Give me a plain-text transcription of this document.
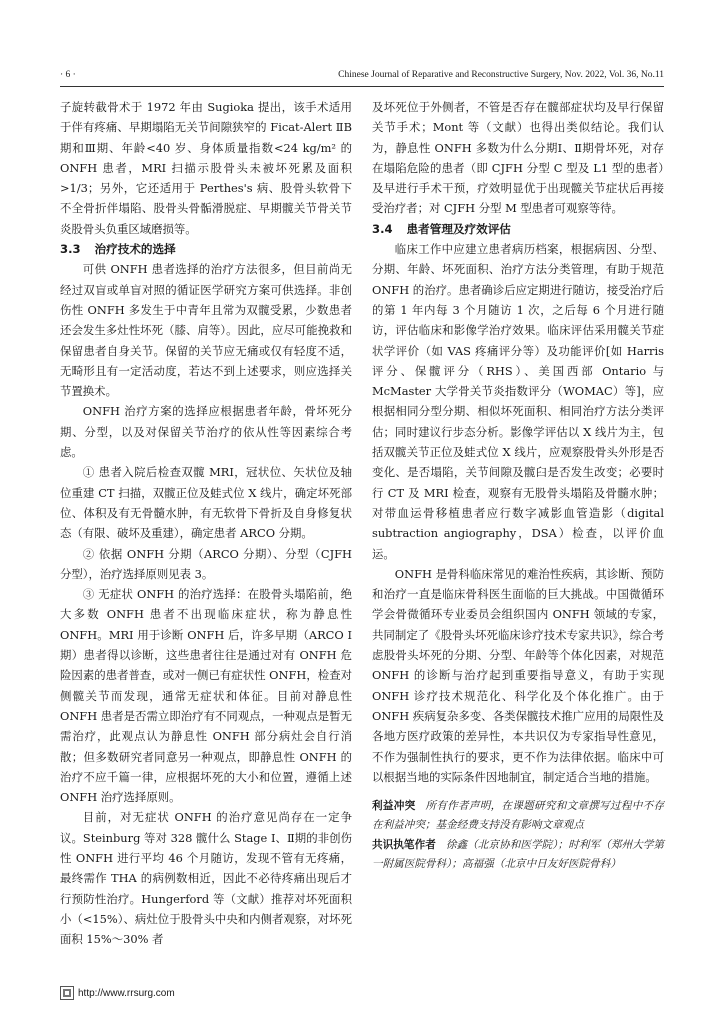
· 6 ·	Chinese Journal of Reparative and Reconstructive Surgery, Nov. 2022, Vol. 36, No.11

子旋转截骨术于 1972 年由 Sugioka 提出，该手术适用于伴有疼痛、早期塌陷无关节间隙狭窄的 Ficat-Alert ⅡB 期和Ⅲ期、年龄<40 岁、身体质量指数<24 kg/m² 的 ONFH 患者，MRI 扫描示股骨头未被坏死累及面积>1/3；另外，它还适用于 Perthes's 病、股骨头软骨下不全骨折伴塌陷、股骨头骨骺滑脱症、早期髋关节骨关节炎股骨头负重区域磨损等。

3.3 治疗技术的选择

可供 ONFH 患者选择的治疗方法很多，但目前尚无经过双盲或单盲对照的循证医学研究方案可供选择。非创伤性 ONFH 多发生于中青年且常为双髋受累，少数患者还会发生多灶性坏死（膝、肩等）。因此，应尽可能挽救和保留患者自身关节。保留的关节应无痛或仅有轻度不适，无畸形且有一定活动度，若达不到上述要求，则应选择关节置换术。

ONFH 治疗方案的选择应根据患者年龄，骨坏死分期、分型，以及对保留关节治疗的依从性等因素综合考虑。

① 患者入院后检查双髋 MRI，冠状位、矢状位及轴位重建 CT 扫描，双髋正位及蛙式位 X 线片，确定坏死部位、体积及有无骨髓水肿，有无软骨下骨折及自身修复状态（有限、破坏及重建），确定患者 ARCO 分期。

② 依据 ONFH 分期（ARCO 分期）、分型（CJFH 分型），治疗选择原则见表 3。

③ 无症状 ONFH 的治疗选择：在股骨头塌陷前，绝大多数 ONFH 患者不出现临床症状，称为静息性 ONFH。MRI 用于诊断 ONFH 后，许多早期（ARCO Ⅰ期）患者得以诊断，这些患者往往是通过对有 ONFH 危险因素的患者普查，或对一侧已有症状性 ONFH，检查对侧髋关节而发现，通常无症状和体征。目前对静息性 ONFH 患者是否需立即治疗有不同观点，一种观点是暂无需治疗，此观点认为静息性 ONFH 部分病灶会自行消散；但多数研究者同意另一种观点，即静息性 ONFH 的治疗不应千篇一律，应根据坏死的大小和位置，遵循上述 ONFH 治疗选择原则。

目前，对无症状 ONFH 的治疗意见尚存在一定争议。Steinburg 等对 328 髋什么 Stage Ⅰ、Ⅱ期的非创伤性 ONFH 进行平均 46 个月随访，发现不管有无疼痛，最终需作 THA 的病例数相近，因此不必待疼痛出现后才行预防性治疗。Hungerford 等（文献）推荐对坏死面积小（<15%）、病灶位于股骨头中央和内侧者观察，对坏死面积 15%～30% 者

及坏死位于外侧者，不管是否存在髋部症状均及早行保留关节手术；Mont 等（文献）也得出类似结论。我们认为，静息性 ONFH 多数为什么分期Ⅰ、Ⅱ期骨坏死，对存在塌陷危险的患者（即 CJFH 分型 C 型及 L1 型的患者）及早进行手术干预，疗效明显优于出现髋关节症状后再接受治疗者；对 CJFH 分型 M 型患者可观察等待。

3.4 患者管理及疗效评估

临床工作中应建立患者病历档案，根据病因、分型、分期、年龄、坏死面积、治疗方法分类管理，有助于规范 ONFH 的治疗。患者确诊后应定期进行随访，接受治疗后的第 1 年内每 3 个月随访 1 次，之后每 6 个月进行随访，评估临床和影像学治疗效果。临床评估采用髋关节症状学评价（如 VAS 疼痛评分等）及功能评价[如 Harris 评分、保髋评分（RHS）、美国西部 Ontario 与 McMaster 大学骨关节炎指数评分（WOMAC）等]，应根据相同分型分期、相似坏死面积、相同治疗方法分类评估；同时建议行步态分析。影像学评估以 X 线片为主，包括双髋关节正位及蛙式位 X 线片，应观察股骨头外形是否变化、是否塌陷，关节间隙及髋臼是否发生改变；必要时行 CT 及 MRI 检查，观察有无股骨头塌陷及骨髓水肿；对带血运骨移植患者应行数字减影血管造影（digital subtraction angiography，DSA）检查，以评价血运。

ONFH 是骨科临床常见的难治性疾病，其诊断、预防和治疗一直是临床骨科医生面临的巨大挑战。中国微循环学会骨微循环专业委员会组织国内 ONFH 领域的专家，共同制定了《股骨头坏死临床诊疗技术专家共识》，综合考虑股骨头坏死的分期、分型、年龄等个体化因素，对规范 ONFH 的诊断与治疗起到重要指导意义，有助于实现 ONFH 诊疗技术规范化、科学化及个体化推广。由于 ONFH 疾病复杂多变、各类保髋技术推广应用的局限性及各地方医疗政策的差异性，本共识仅为专家指导性意见，不作为强制性执行的要求，更不作为法律依据。临床中可以根据当地的实际条件因地制宜，制定适合当地的措施。

利益冲突 所有作者声明，在课题研究和文章撰写过程中不存在利益冲突；基金经费支持没有影响文章观点

共识执笔作者 徐鑫（北京协和医学院）；时利军（郑州大学第一附属医院骨科）；高福强（北京中日友好医院骨科）

http://www.rrsurg.com
